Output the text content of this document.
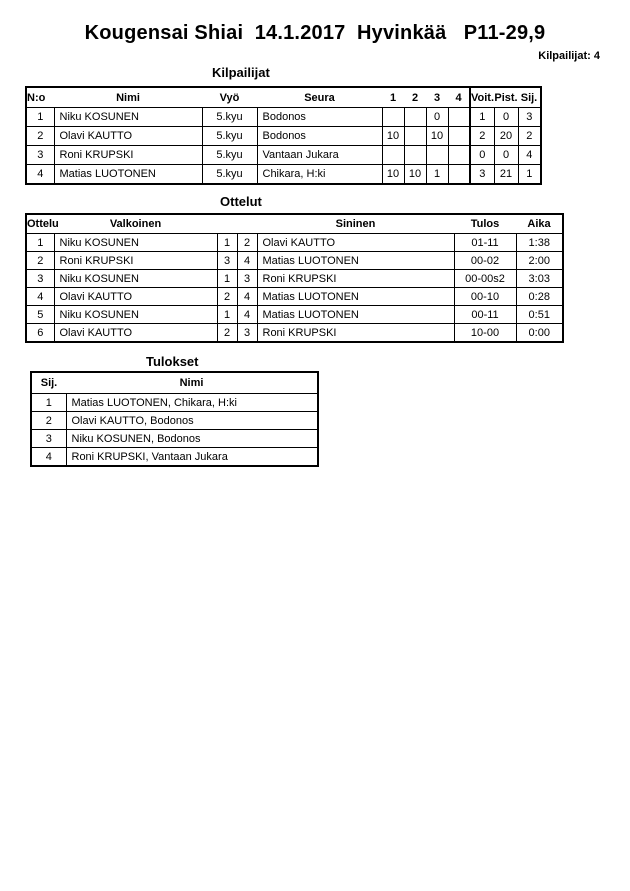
Kougensai Shiai  14.1.2017  Hyvinkää   P11-29,9
Kilpailijat: 4
Kilpailijat
N:o	Nimi	Vyö	Seura	1	2	3	4	Voit.	Pist.	Sij.
1	Niku KOSUNEN	5.kyu	Bodonos			0		1	0	3
2	Olavi KAUTTO	5.kyu	Bodonos	10		10		2	20	2
3	Roni KRUPSKI	5.kyu	Vantaan Jukara					0	0	4
4	Matias LUOTONEN	5.kyu	Chikara, H:ki	10	10	1		3	21	1
Ottelut
Ottelu	Valkoinen			Sininen	Tulos	Aika
1	Niku KOSUNEN	1	2	Olavi KAUTTO	01-11	1:38
2	Roni KRUPSKI	3	4	Matias LUOTONEN	00-02	2:00
3	Niku KOSUNEN	1	3	Roni KRUPSKI	00-00s2	3:03
4	Olavi KAUTTO	2	4	Matias LUOTONEN	00-10	0:28
5	Niku KOSUNEN	1	4	Matias LUOTONEN	00-11	0:51
6	Olavi KAUTTO	2	3	Roni KRUPSKI	10-00	0:00
Tulokset
Sij.	Nimi
1	Matias LUOTONEN, Chikara, H:ki
2	Olavi KAUTTO, Bodonos
3	Niku KOSUNEN, Bodonos
4	Roni KRUPSKI, Vantaan Jukara
